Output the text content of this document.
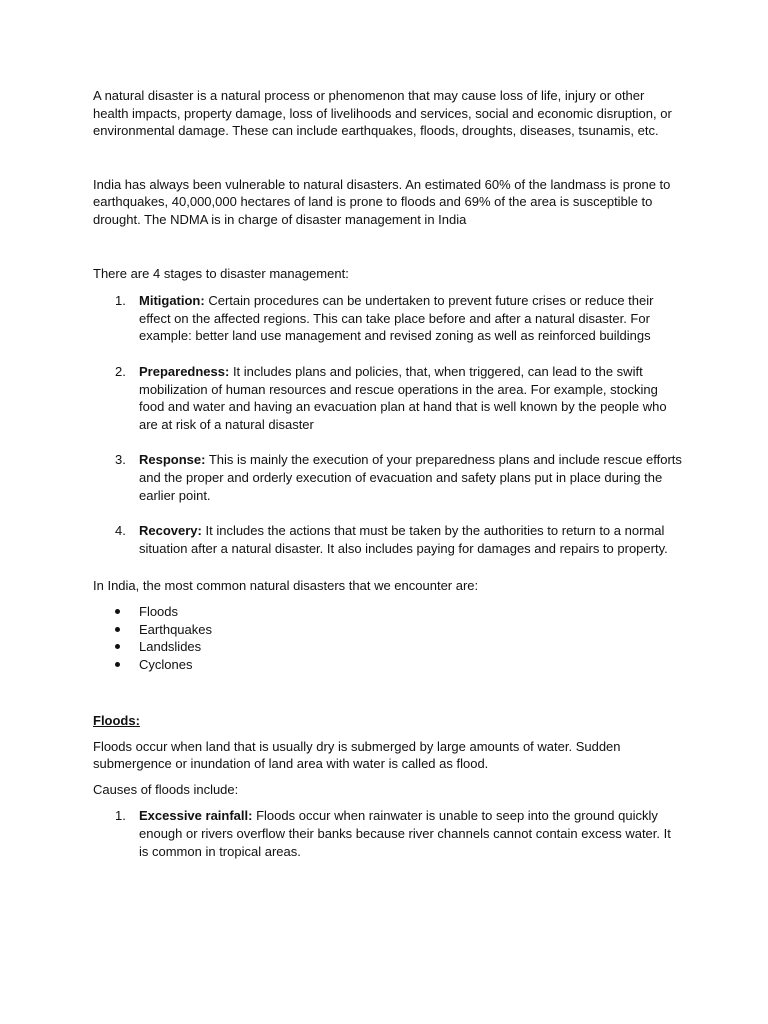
A natural disaster is a natural process or phenomenon that may cause loss of life, injury or other health impacts, property damage, loss of livelihoods and services, social and economic disruption, or environmental damage. These can include earthquakes, floods, droughts, diseases, tsunamis, etc.

India has always been vulnerable to natural disasters. An estimated 60% of the landmass is prone to earthquakes, 40,000,000 hectares of land is prone to floods and 69% of the area is susceptible to drought. The NDMA is in charge of disaster management in India

There are 4 stages to disaster management:

1. Mitigation: Certain procedures can be undertaken to prevent future crises or reduce their effect on the affected regions. This can take place before and after a natural disaster. For example: better land use management and revised zoning as well as reinforced buildings
2. Preparedness: It includes plans and policies, that, when triggered, can lead to the swift mobilization of human resources and rescue operations in the area. For example, stocking food and water and having an evacuation plan at hand that is well known by the people who are at risk of a natural disaster
3. Response: This is mainly the execution of your preparedness plans and include rescue efforts and the proper and orderly execution of evacuation and safety plans put in place during the earlier point.
4. Recovery: It includes the actions that must be taken by the authorities to return to a normal situation after a natural disaster. It also includes paying for damages and repairs to property.

In India, the most common natural disasters that we encounter are:

Floods
Earthquakes
Landslides
Cyclones

Floods:

Floods occur when land that is usually dry is submerged by large amounts of water. Sudden submergence or inundation of land area with water is called as flood.

Causes of floods include:

1. Excessive rainfall: Floods occur when rainwater is unable to seep into the ground quickly enough or rivers overflow their banks because river channels cannot contain excess water. It is common in tropical areas.
